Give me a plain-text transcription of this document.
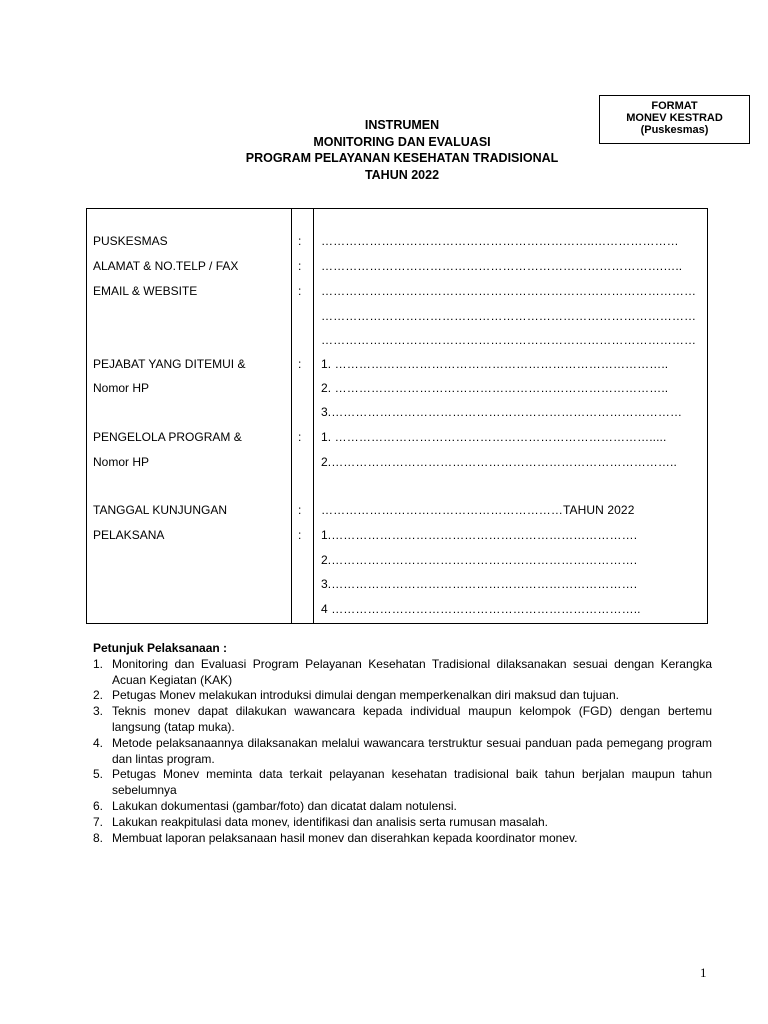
FORMAT
MONEV KESTRAD
(Puskesmas)
INSTRUMEN
MONITORING DAN EVALUASI
PROGRAM PELAYANAN KESEHATAN TRADISIONAL
TAHUN 2022
PUSKESMAS
ALAMAT & NO.TELP / FAX
EMAIL & WEBSITE
PEJABAT YANG DITEMUI &
Nomor HP
PENGELOLA PROGRAM &
Nomor HP
TANGGAL KUNJUNGAN
PELAKSANA
:
:
:
:
:
:
:
…………………………………………………………..…………………
………………………………………………………………………….…..
…………………………………………………………………………………
…………………………………………………………………………………
…………………………………………………………………………………
1. ………………………………………………………………………..
2. ………………………………………………………………………..
3.……………………………………………………………………………
1. …………………………………………………………………….....
2.…………………………………………………………………………..
……………………………………………………TAHUN 2022
1.………………………………………………………………….
2.………………………………………………………………….
3.………………………………………………………………….
4 …………………………………………………………………..
Petunjuk Pelaksanaan :
1. Monitoring dan Evaluasi Program Pelayanan Kesehatan Tradisional dilaksanakan sesuai dengan Kerangka Acuan Kegiatan (KAK)
2. Petugas Monev melakukan introduksi dimulai dengan memperkenalkan diri maksud dan tujuan.
3. Teknis monev dapat dilakukan wawancara kepada individual maupun kelompok (FGD) dengan bertemu langsung (tatap muka).
4. Metode pelaksanaannya dilaksanakan melalui wawancara terstruktur sesuai panduan pada pemegang program dan lintas program.
5. Petugas Monev meminta data terkait pelayanan kesehatan tradisional baik tahun berjalan maupun tahun sebelumnya
6. Lakukan dokumentasi (gambar/foto) dan dicatat dalam notulensi.
7. Lakukan reakpitulasi data monev, identifikasi dan analisis serta rumusan masalah.
8. Membuat laporan pelaksanaan hasil monev dan diserahkan kepada koordinator monev.
1
